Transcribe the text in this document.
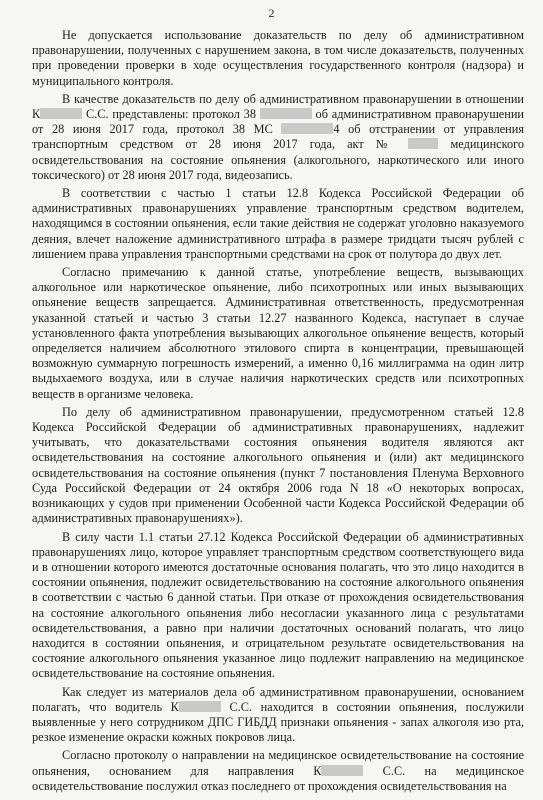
2

Не допускается использование доказательств по делу об административном правонарушении, полученных с нарушением закона, в том числе доказательств, полученных при проведении проверки в ходе осуществления государственного контроля (надзора) и муниципального контроля.

В качестве доказательств по делу об административном правонарушении в отношении К	С.С. представлены: протокол 38	об административном правонарушении от 28 июня 2017 года, протокол 38 МС	4 об отстранении от управления транспортным средством от 28 июня 2017 года, акт №  медицинского освидетельствования на состояние опьянения (алкогольного, наркотического или иного токсического) от 28 июня 2017 года, видеозапись.

В соответствии с частью 1 статьи 12.8 Кодекса Российской Федерации об административных правонарушениях управление транспортным средством водителем, находящимся в состоянии опьянения, если такие действия не содержат уголовно наказуемого деяния, влечет наложение административного штрафа в размере тридцати тысяч рублей с лишением права управления транспортными средствами на срок от полутора до двух лет.

Согласно примечанию к данной статье, употребление веществ, вызывающих алкогольное или наркотическое опьянение, либо психотропных или иных вызывающих опьянение веществ запрещается. Административная ответственность, предусмотренная указанной статьей и частью 3 статьи 12.27 названного Кодекса, наступает в случае установленного факта употребления вызывающих алкогольное опьянение веществ, который определяется наличием абсолютного этилового спирта в концентрации, превышающей возможную суммарную погрешность измерений, а именно 0,16 миллиграмма на один литр выдыхаемого воздуха, или в случае наличия наркотических средств или психотропных веществ в организме человека.

По делу об административном правонарушении, предусмотренном статьей 12.8 Кодекса Российской Федерации об административных правонарушениях, надлежит учитывать, что доказательствами состояния опьянения водителя являются акт освидетельствования на состояние алкогольного опьянения и (или) акт медицинского освидетельствования на состояние опьянения (пункт 7 постановления Пленума Верховного Суда Российской Федерации от 24 октября 2006 года N 18 «О некоторых вопросах, возникающих у судов при применении Особенной части Кодекса Российской Федерации об административных правонарушениях»).

В силу части 1.1 статьи 27.12 Кодекса Российской Федерации об административных правонарушениях лицо, которое управляет транспортным средством соответствующего вида и в отношении которого имеются достаточные основания полагать, что это лицо находится в состоянии опьянения, подлежит освидетельствованию на состояние алкогольного опьянения в соответствии с частью 6 данной статьи. При отказе от прохождения освидетельствования на состояние алкогольного опьянения либо несогласии указанного лица с результатами освидетельствования, а равно при наличии достаточных оснований полагать, что лицо находится в состоянии опьянения, и отрицательном результате освидетельствования на состояние алкогольного опьянения указанное лицо подлежит направлению на медицинское освидетельствование на состояние опьянения.

Как следует из материалов дела об административном правонарушении, основанием полагать, что водитель К	С.С. находится в состоянии опьянения, послужили выявленные у него сотрудником ДПС ГИБДД признаки опьянения - запах алкоголя изо рта, резкое изменение окраски кожных покровов лица.

Согласно протоколу о направлении на медицинское освидетельствование на состояние опьянения, основанием для направления К	С.С. на медицинское освидетельствование послужил отказ последнего от прохождения освидетельствования на
